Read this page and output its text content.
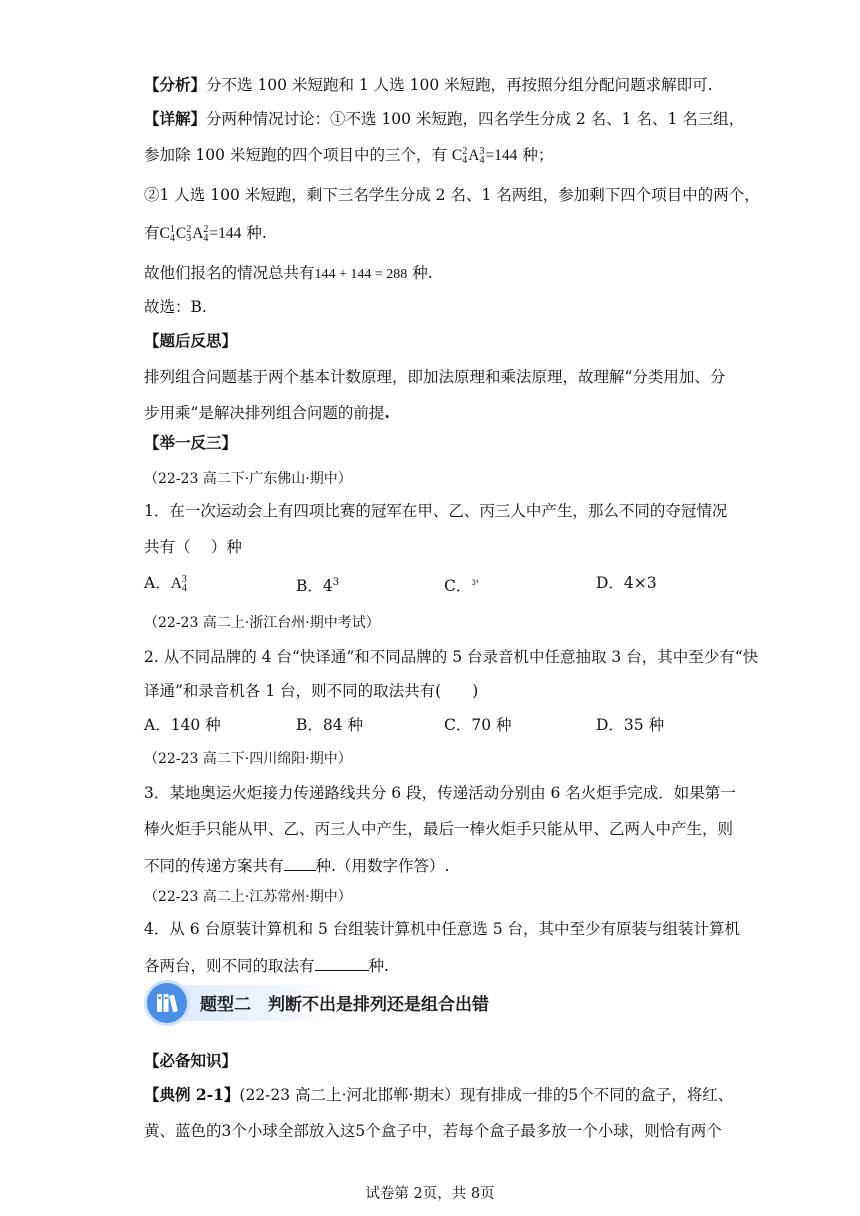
【分析】分不选 100 米短跑和 1 人选 100 米短跑，再按照分组分配问题求解即可.
【详解】分两种情况讨论：①不选 100 米短跑，四名学生分成 2 名、1 名、1 名三组，
参加除 100 米短跑的四个项目中的三个，有 C 2
4 A 3
4 =144 种；
②1 人选 100 米短跑，剩下三名学生分成 2 名、1 名两组，参加剩下四个项目中的两个，
有C 1
4 C 2
3 A 2
4 =144 种.
故他们报名的情况总共有144 + 144 = 288 种.
故选：B.
【题后反思】
排列组合问题基于两个基本计数原理，即加法原理和乘法原理，故理解“分类用加、分
步用乘”是解决排列组合问题的前提.
【举一反三】
（22-23 高二下·广东佛山·期中）
1．在一次运动会上有四项比赛的冠军在甲、乙、丙三人中产生，那么不同的夺冠情况
共有（　 ）种
A．A 3
4	B．$4^3$	C．$^{3^4}$	D．4×3
（22-23 高二上·浙江台州·期中考试）
2. 从不同品牌的 4 台“快译通”和不同品牌的 5 台录音机中任意抽取 3 台，其中至少有“快
译通”和录音机各 1 台，则不同的取法共有(　　)
A．140 种	B．84 种	C．70 种	D．35 种
（22-23 高二下·四川绵阳·期中）
3．某地奥运火炬接力传递路线共分 6 段，传递活动分别由 6 名火炬手完成．如果第一
棒火炬手只能从甲、乙、丙三人中产生，最后一棒火炬手只能从甲、乙两人中产生，则
不同的传递方案共有 种.（用数字作答）.
（22-23 高二上·江苏常州·期中）
4．从 6 台原装计算机和 5 台组装计算机中任意选 5 台，其中至少有原装与组装计算机
各两台，则不同的取法有	种.
题型二　判断不出是排列还是组合出错
【必备知识】
【典例 2-1】(22-23 高二上·河北邯郸·期末）现有排成一排的5个不同的盒子，将红、
黄、蓝色的3个小球全部放入这5个盒子中，若每个盒子最多放一个小球，则恰有两个
试卷第 2页，共 8页
